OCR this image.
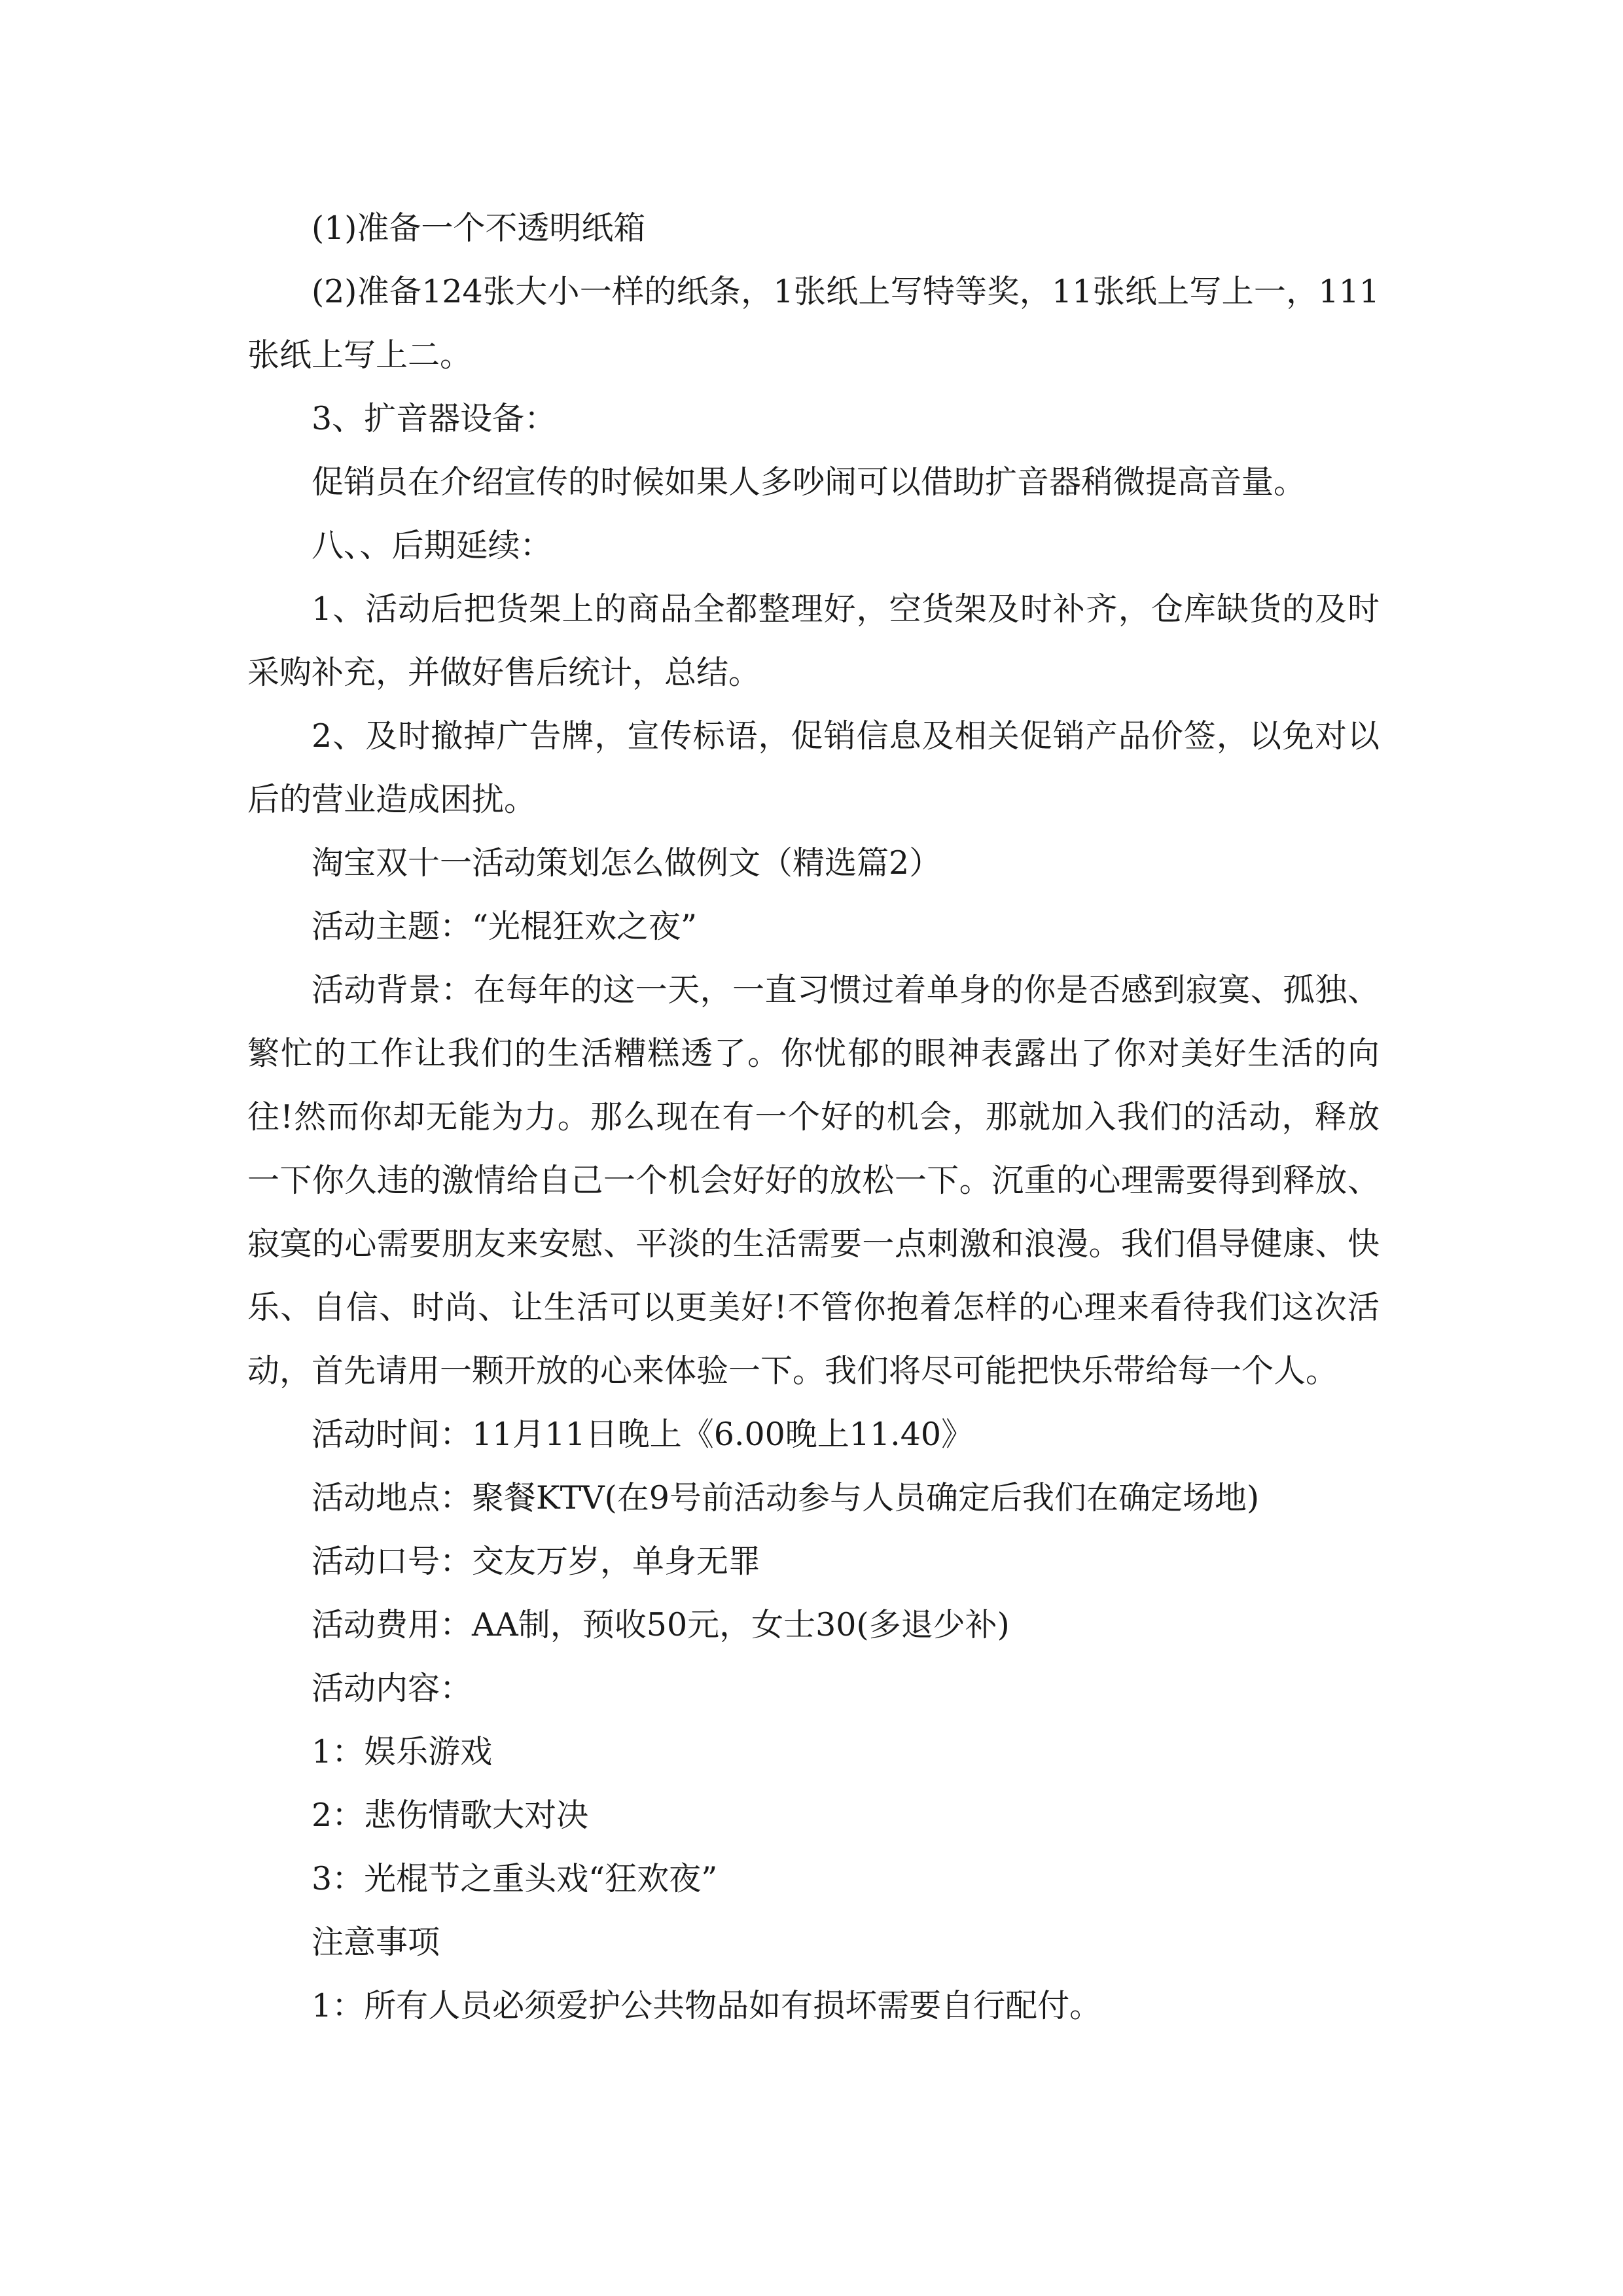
(1)准备一个不透明纸箱

(2)准备124张大小一样的纸条，1张纸上写特等奖，11张纸上写上一，111张纸上写上二。

3、扩音器设备：

促销员在介绍宣传的时候如果人多吵闹可以借助扩音器稍微提高音量。

八、、后期延续：

1、活动后把货架上的商品全都整理好，空货架及时补齐，仓库缺货的及时采购补充，并做好售后统计，总结。

2、及时撤掉广告牌，宣传标语，促销信息及相关促销产品价签，以免对以后的营业造成困扰。

淘宝双十一活动策划怎么做例文（精选篇2）

活动主题：“光棍狂欢之夜”

活动背景：在每年的这一天，一直习惯过着单身的你是否感到寂寞、孤独、繁忙的工作让我们的生活糟糕透了。你忧郁的眼神表露出了你对美好生活的向往!然而你却无能为力。那么现在有一个好的机会，那就加入我们的活动，释放一下你久违的激情给自己一个机会好好的放松一下。沉重的心理需要得到释放、寂寞的心需要朋友来安慰、平淡的生活需要一点刺激和浪漫。我们倡导健康、快乐、自信、时尚、让生活可以更美好!不管你抱着怎样的心理来看待我们这次活动，首先请用一颗开放的心来体验一下。我们将尽可能把快乐带给每一个人。

活动时间：11月11日晚上《6.00晚上11.40》

活动地点：聚餐KTV(在9号前活动参与人员确定后我们在确定场地)

活动口号：交友万岁，单身无罪

活动费用：AA制，预收50元，女士30(多退少补)

活动内容：

1：娱乐游戏

2：悲伤情歌大对决

3：光棍节之重头戏“狂欢夜”

注意事项

1：所有人员必须爱护公共物品如有损坏需要自行配付。
